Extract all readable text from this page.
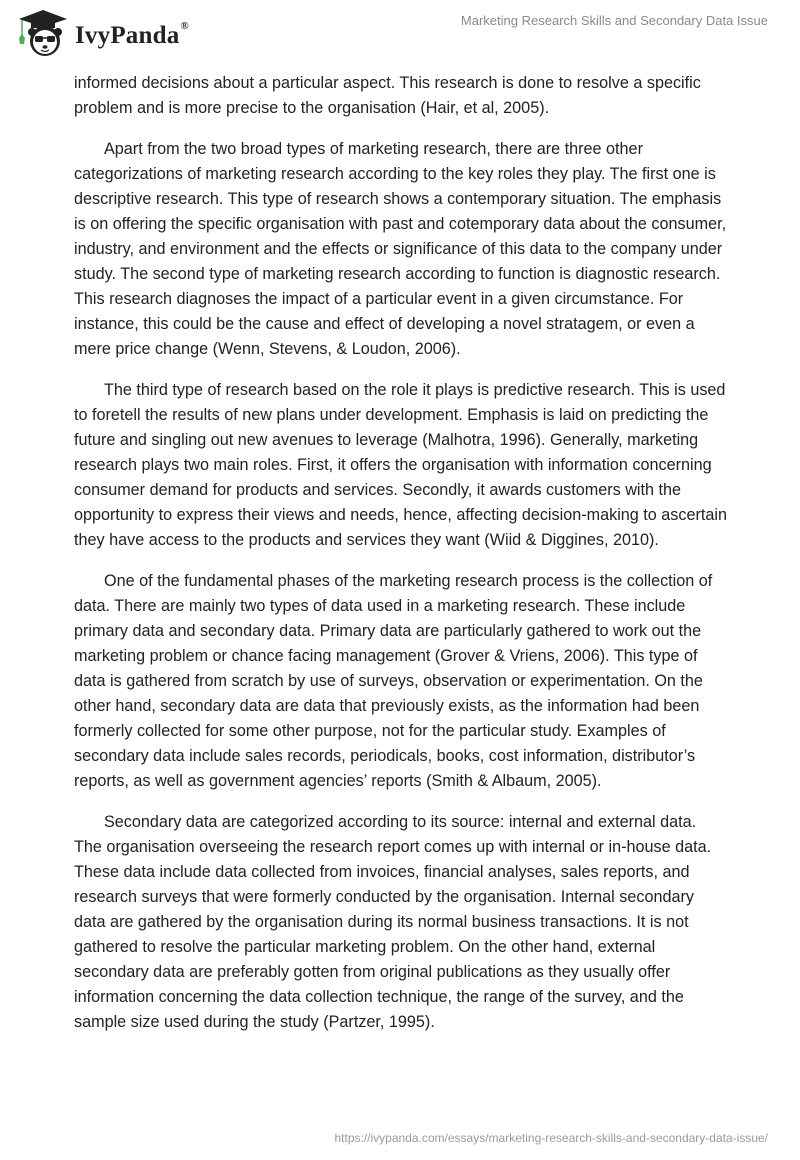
IvyPanda®	Marketing Research Skills and Secondary Data Issue

informed decisions about a particular aspect. This research is done to resolve a specific problem and is more precise to the organisation (Hair, et al, 2005).

Apart from the two broad types of marketing research, there are three other categorizations of marketing research according to the key roles they play. The first one is descriptive research. This type of research shows a contemporary situation. The emphasis is on offering the specific organisation with past and cotemporary data about the consumer, industry, and environment and the effects or significance of this data to the company under study. The second type of marketing research according to function is diagnostic research. This research diagnoses the impact of a particular event in a given circumstance. For instance, this could be the cause and effect of developing a novel stratagem, or even a mere price change (Wenn, Stevens, & Loudon, 2006).

The third type of research based on the role it plays is predictive research. This is used to foretell the results of new plans under development. Emphasis is laid on predicting the future and singling out new avenues to leverage (Malhotra, 1996). Generally, marketing research plays two main roles. First, it offers the organisation with information concerning consumer demand for products and services. Secondly, it awards customers with the opportunity to express their views and needs, hence, affecting decision-making to ascertain they have access to the products and services they want (Wiid & Diggines, 2010).

One of the fundamental phases of the marketing research process is the collection of data. There are mainly two types of data used in a marketing research. These include primary data and secondary data. Primary data are particularly gathered to work out the marketing problem or chance facing management (Grover & Vriens, 2006). This type of data is gathered from scratch by use of surveys, observation or experimentation. On the other hand, secondary data are data that previously exists, as the information had been formerly collected for some other purpose, not for the particular study. Examples of secondary data include sales records, periodicals, books, cost information, distributor’s reports, as well as government agencies’ reports (Smith & Albaum, 2005).

Secondary data are categorized according to its source: internal and external data. The organisation overseeing the research report comes up with internal or in-house data. These data include data collected from invoices, financial analyses, sales reports, and research surveys that were formerly conducted by the organisation. Internal secondary data are gathered by the organisation during its normal business transactions. It is not gathered to resolve the particular marketing problem. On the other hand, external secondary data are preferably gotten from original publications as they usually offer information concerning the data collection technique, the range of the survey, and the sample size used during the study (Partzer, 1995).

https://ivypanda.com/essays/marketing-research-skills-and-secondary-data-issue/
